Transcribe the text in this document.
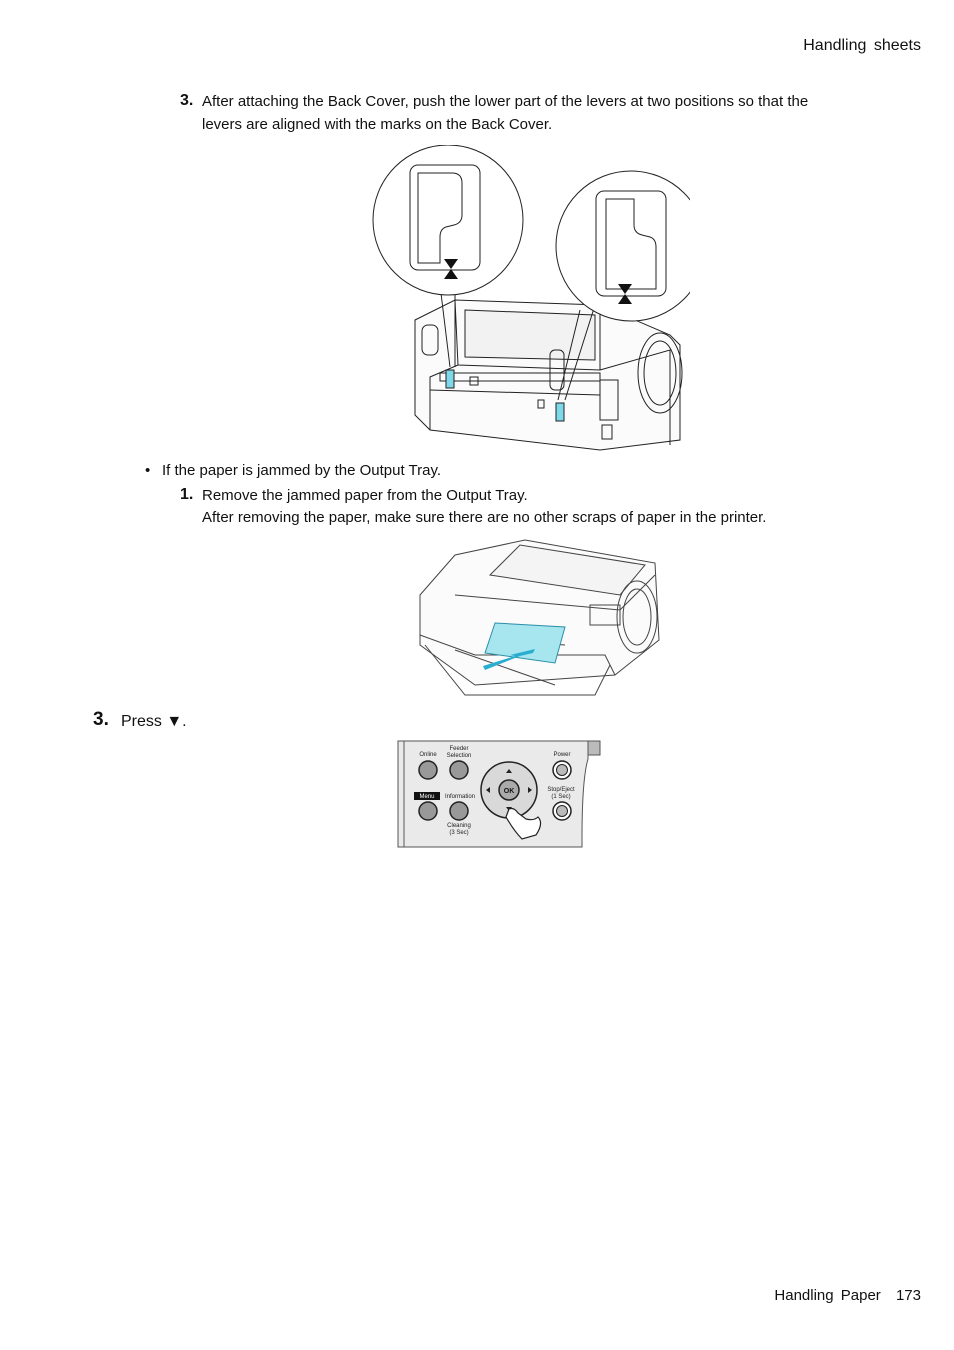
Handling sheets
3. After attaching the Back Cover, push the lower part of the levers at two positions so that the
levers are aligned with the marks on the Back Cover.
• If the paper is jammed by the Output Tray.
1. Remove the jammed paper from the Output Tray.
After removing the paper, make sure there are no other scraps of paper in the printer.
3. Press ▼.
Online
Feeder
Selection	Power
Menu Information
Stop/Eject
(1 Sec)
Cleaning
(3 Sec)
OK
Handling Paper 173
